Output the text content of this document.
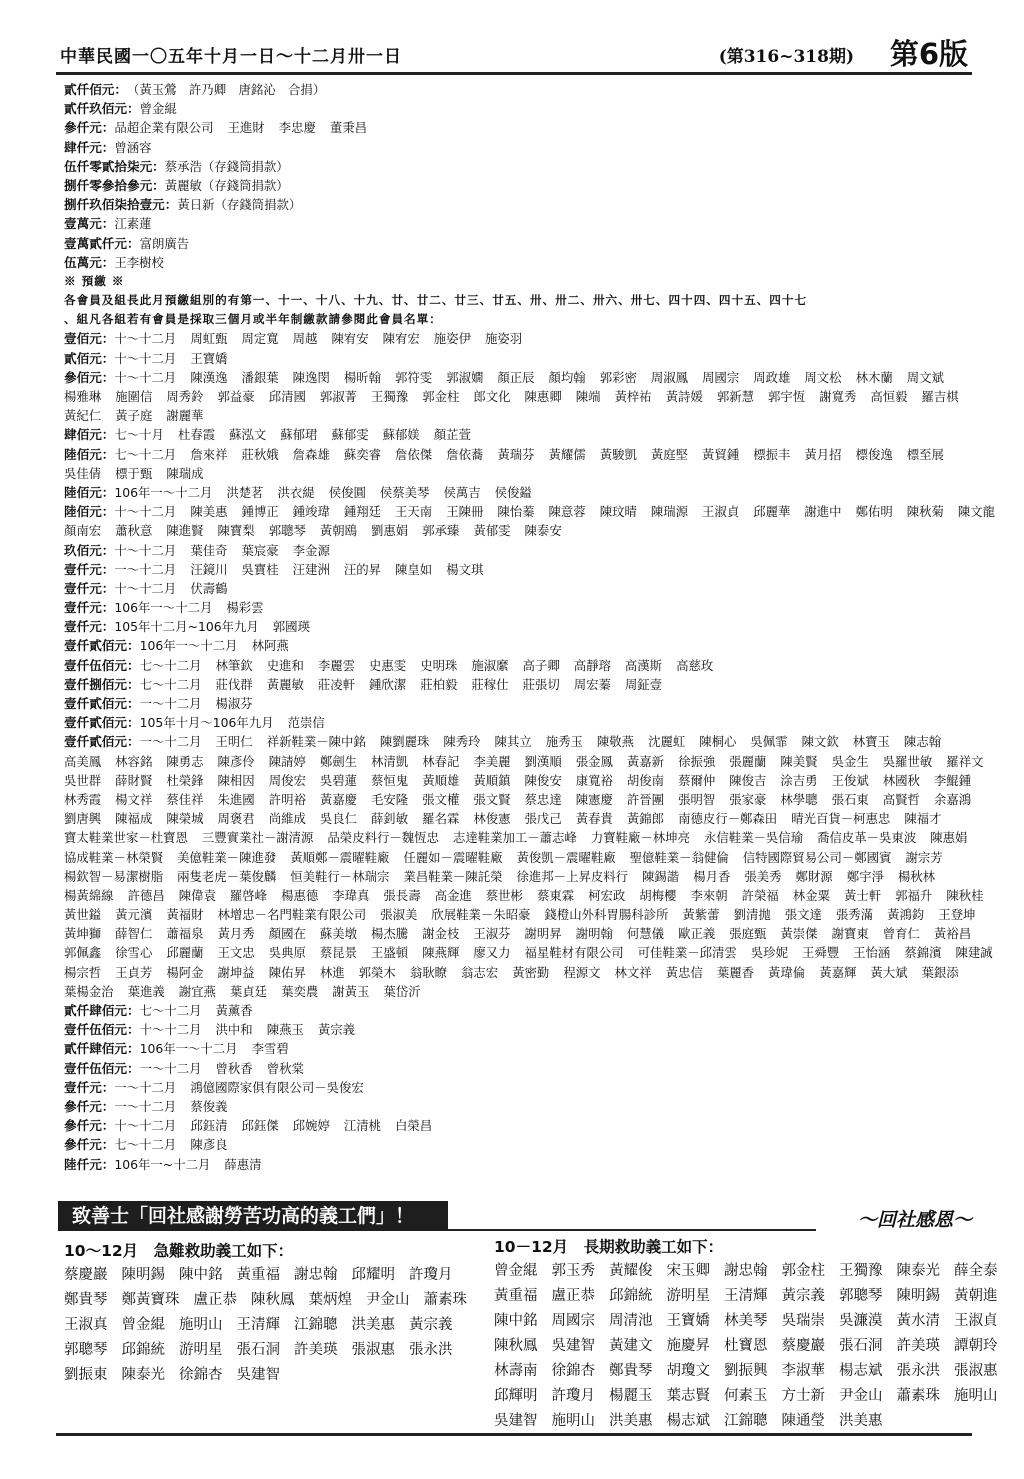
中華民國一〇五年十月一日～十二月卅一日	(第316~318期) 第6版
貳仟佰元： （黃玉鶯　許乃卿　唐銘沁　合捐）
貳仟玖佰元： 曾金緄
參仟元： 品超企業有限公司 王進財 李忠慶 董秉昌
肆仟元： 曾涵容
伍仟零貳拾柒元： 蔡承浩（存錢筒捐款）
捌仟零參拾參元： 黃麗敏（存錢筒捐款）
捌仟玖佰柒拾壹元： 黃日新（存錢筒捐款）
壹萬元： 江素蓮
壹萬貳仟元： 富朗廣告
伍萬元： 王李樹校
※ 預繳 ※
各會員及組長此月預繳組別的有第一、十一、十八、十九、廿、廿二、廿三、廿五、卅、卅二、卅六、卅七、四十四、四十五、四十七
、組凡各組若有會員是採取三個月或半年制繳款請參閱此會員名單：
壹佰元： 十～十二月 周虹甄 周定寬 周越 陳宥安 陳宥宏 施姿伊 施姿羽
貳佰元： 十～十二月 王寶嬌
參佰元： 十～十二月 陳漢逸 潘銀葉 陳逸閔 楊昕翰 郭符雯 郭淑嫺 顏正辰 顏均翰 郭彩密 周淑鳳 周國宗 周政雄 周文松 林木蘭 周文斌
楊雅琳 施圍信 周秀鈴 郭益豪 邱清國 郭淑菁 王獨豫 郭金柱 郎文化 陳惠卿 陳端 黃梓祐 黃詩媛 郭新慧 郭宇恆 謝寬秀 高恒毅 羅吉棋
黃紀仁 黃子庭 謝麗華
肆佰元： 七～十月 杜春霞 蘇泓文 蘇郁珺 蘇郁雯 蘇郁媄 顏芷萱
陸佰元： 七～十二月 詹來祥 莊秋娥 詹森雄 蘇奕睿 詹依傑 詹依蕎 黃瑞芬 黃耀儒 黃駿凱 黃庭堅 黃貿鍾 標振丰 黃月招 標俊逸 標至展
吳佳倩 標于甄 陳瑞成
陸佰元： 106年一～十二月 洪楚茗 洪衣緹 侯俊圓 侯蔡美琴 侯萬吉 侯俊鎰
陸佰元： 十～十二月 陳美惠 鍾博正 鍾竣瑋 鍾翔廷 王天南 王陳冊 陳怡蓁 陳意蓉 陳玟晴 陳瑞源 王淑貞 邱麗華 謝進中 鄭佑明 陳秋菊 陳文龍
顏南宏 蕭秋意 陳進賢 陳寶梨 郭聰琴 黃朝鴎 劉惠娟 郭承臻 黃郁雯 陳泰安
玖佰元： 十～十二月 葉佳奇 葉宸豪 李金源
壹仟元： 一～十二月 汪鏡川 吳寶桂 汪建洲 汪的昇 陳皇如 楊文琪
壹仟元： 十～十二月 伏壽鶴
壹仟元： 106年一～十二月 楊彩雲
壹仟元： 105年十二月~106年九月 郭國瑛
壹仟貳佰元： 106年一～十二月 林阿燕
壹仟伍佰元： 七～十二月 林筆欽 史進和 李麗雲 史惠雯 史明珠 施淑縻 高子卿 高靜瑢 高漢斯 高慈玫
壹仟捌佰元： 七～十二月 莊伐群 黃麗敏 莊凌軒 鍾欣潔 莊柏毅 莊稼仕 莊張切 周宏蓁 周鉦壹
壹仟貳佰元： 一～十二月 楊淑芬
壹仟貳佰元： 105年十月～106年九月 范崇信
壹仟貳佰元： 一～十二月 王明仁 祥新鞋業－陳中銘 陳劉麗珠 陳秀玲 陳其立 施秀玉 陳敬燕 沈麗虹 陳桐心 吳佩霏 陳文欽 林寶玉 陳志翰
高美鳳 林容銘 陳勇志 陳彥伶 陳請婷 鄭劍生 林清凱 林春記 李美麗 劉漢順 張金鳳 黃嘉新 徐振強 張麗蘭 陳美賢 吳金生 吳羅世敏 羅祥文
吳世群 薛財賢 杜榮鋒 陳相因 周俊宏 吳碧蓮 蔡恒鬼 黃順雄 黃順鎮 陳俊安 康寬裕 胡俊南 蔡爾仲 陳俊吉 涂吉勇 王俊斌 林國秋 李鯤鍾
林秀霞 楊文祥 蔡佳祥 朱進國 許明裕 黃嘉慶 毛安隆 張文權 張文賢 蔡忠達 陳憲慶 許晉團 張明智 張家豪 林學聰 張石東 高賢哲 余嘉鴻
劉唐興 陳福成 陳榮城 周褒君 尚維成 吳良仁 薛釗敏 羅名霖 林俊憲 張戊己 黃春貴 黃錦郎 南德皮行－鄭森田 晴光百貨－柯惠忠 陳福才
寶太鞋業世家－杜寶恩 三豐實業社－謝清源 品榮皮料行－魏恆忠 志達鞋業加工－蕭志峰 力寶鞋廠－林坤亮 永信鞋業－吳信瑜 喬信皮革－吳東波 陳惠娟
協成鞋業－林榮賢 美億鞋業－陳進發 黃順鄭－震曜鞋廠 任麗如－震曜鞋廠 黃俊凱－震曜鞋廠 聖億鞋業－翁健倫 信特國際貿易公司－鄭國賓 謝宗芳
楊欽智－易潔樹脂 兩隻老虎－葉俊麟 恒美鞋行－林瑞宗 業昌鞋業－陳託榮 徐進邦－上昇皮料行 陳錫諧 楊月香 張美秀 鄭財源 鄭宇淨 楊秋林
楊黃綿線 許德昌 陳偉袁 羅啓峰 楊惠德 李瑋真 張長壽 高金進 蔡世彬 蔡東霖 柯宏政 胡梅櫻 李來朝 許榮福 林金粟 黃士軒 郭福升 陳秋桂
黃世鎰 黃元濱 黃福財 林增忠－名門鞋業有限公司 張淑美 欣展鞋業－朱昭豪 錢橙山外科胃腸科診所 黃紫蕾 劉清拋 張文達 張秀滿 黃鴻鈞 王登坤
黃坤獅 薛智仁 蕭福泉 黃月秀 顏國在 蘇美墩 楊杰騰 謝金枝 王淑芬 謝明昇 謝明翰 何慧儀 歐正義 張庭甄 黃崇傑 謝寶東 曾育仁 黃裕昌
郭佩鑫 徐雪心 邱麗蘭 王文忠 吳典原 蔡昆景 王盛頓 陳燕輝 廖又力 福星鞋材有限公司 可佳鞋業－邱清雲 吳珍妮 王舜豐 王怡涵 蔡錦濱 陳建誠
楊宗哲 王貞芳 楊阿金 謝坤益 陳佑昇 林進 郭榮木 翁耿瞭 翁志宏 黃密勤 程源文 林文祥 黃忠信 葉麗香 黃瑋倫 黃嘉輝 黃大斌 葉銀添
葉楊金治 葉進義 謝宜燕 葉貞廷 葉奕農 謝黃玉 葉岱沂
貳仟肆佰元： 七～十二月 黃薰香
壹仟伍佰元： 十～十二月 洪中和 陳燕玉 黃宗義
貳仟肆佰元： 106年一～十二月 李雪碧
壹仟伍佰元： 一～十二月 曾秋香 曾秋棠
壹仟元： 一～十二月 鴻億國際家俱有限公司－吳俊宏
參仟元： 一～十二月 蔡俊義
參仟元： 十～十二月 邱鈺清 邱鈺傑 邱婉婷 江清桃 白榮昌
參仟元： 七～十二月 陳彥良
陸仟元： 106年一~十二月 薛惠清
致善士「回社感謝勞苦功高的義工們」！	～回社感恩～
10～12月　急難救助義工如下：
蔡慶巖 陳明錫 陳中銘 黃重福 謝忠翰 邱耀明 許瓊月
鄭貴琴 鄭黃寶珠 盧正恭 陳秋鳳 葉炳煌 尹金山 蕭素珠
王淑真 曾金緄 施明山 王清輝 江錦聰 洪美惠 黃宗義
郭聰琴 邱錦統 游明星 張石洞 許美瑛 張淑惠 張永洪
劉振東 陳泰光 徐錦杏 吳建智
10－12月　長期救助義工如下：
曾金緄 郭玉秀 黃耀俊 宋玉卿 謝忠翰 郭金柱 王獨豫 陳泰光 薛全泰
黃重福 盧正恭 邱錦統 游明星 王清輝 黃宗義 郭聰琴 陳明錫 黃朝進
陳中銘 周國宗 周清池 王寶嬌 林美琴 吳瑞崇 吳濂漠 黃水清 王淑貞
陳秋鳳 吳建智 黃建文 施慶昇 杜寶恩 蔡慶巖 張石洞 許美瑛 譚朝玲
林壽南 徐錦杏 鄭貴琴 胡瓊文 劉振興 李淑華 楊志斌 張永洪 張淑惠
邱輝明 許瓊月 楊麗玉 葉志賢 何素玉 方士新 尹金山 蕭素珠 施明山
吳建智 施明山 洪美惠 楊志斌 江錦聰 陳通瑩 洪美惠
